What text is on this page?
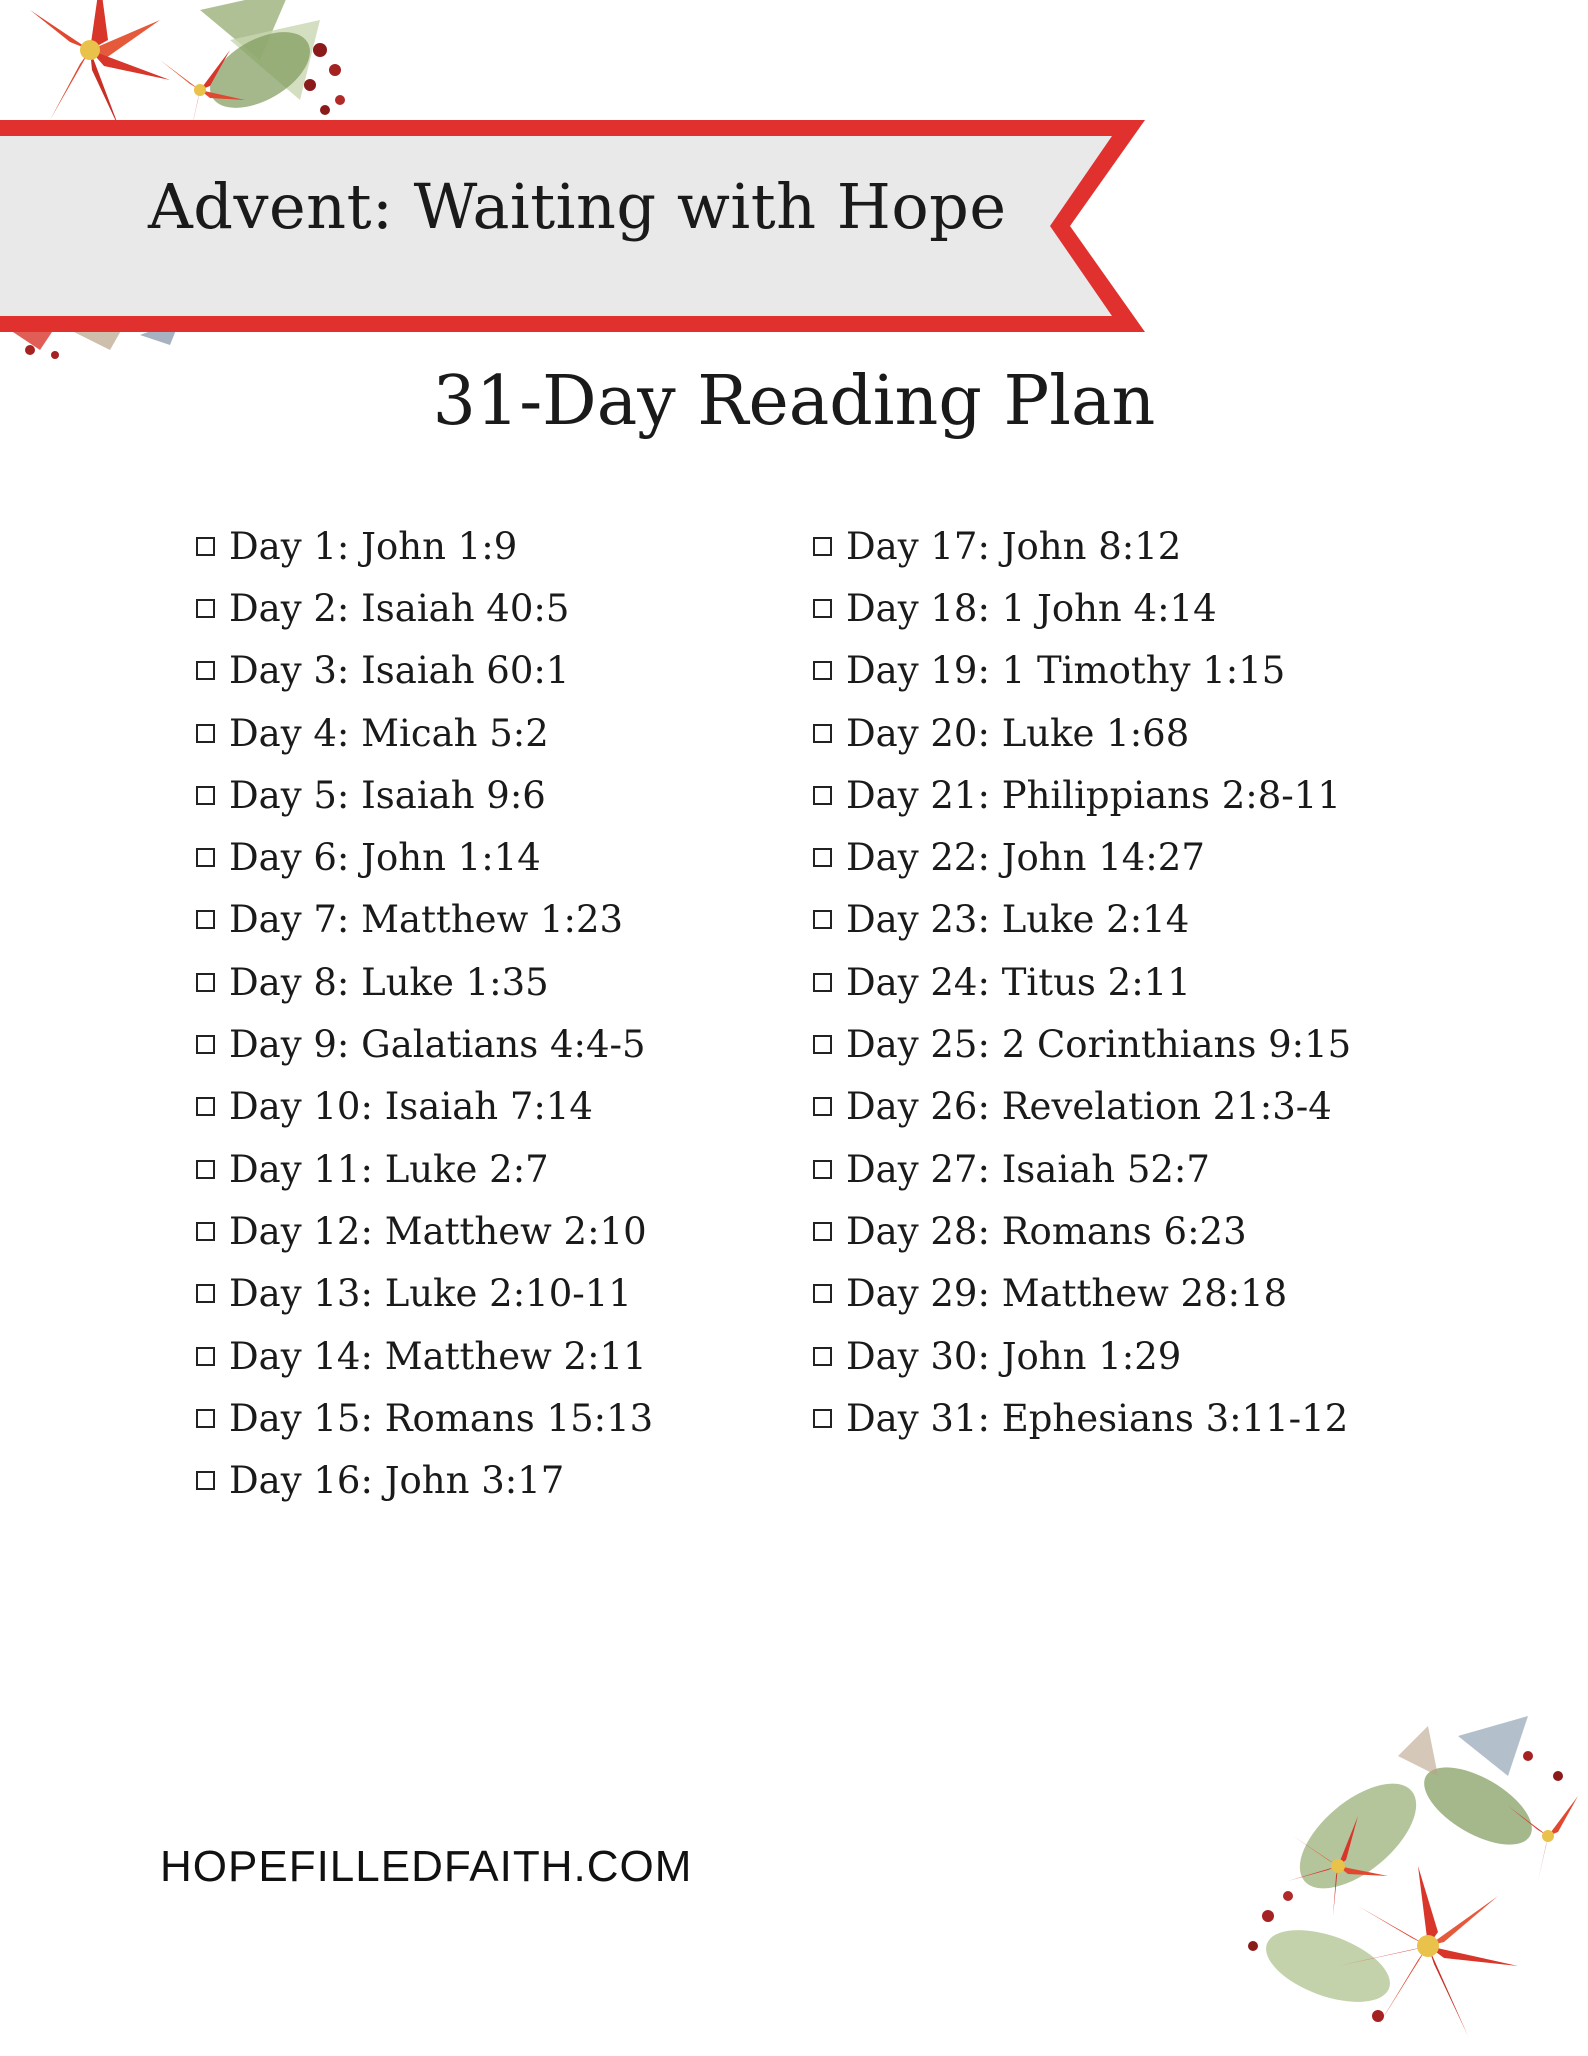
Advent: Waiting with Hope
31-Day Reading Plan
Day 1: John 1:9
Day 2: Isaiah 40:5
Day 3: Isaiah 60:1
Day 4: Micah 5:2
Day 5: Isaiah 9:6
Day 6: John 1:14
Day 7: Matthew 1:23
Day 8: Luke 1:35
Day 9: Galatians 4:4-5
Day 10: Isaiah 7:14
Day 11: Luke 2:7
Day 12: Matthew 2:10
Day 13: Luke 2:10-11
Day 14: Matthew 2:11
Day 15: Romans 15:13
Day 16: John 3:17
Day 17: John 8:12
Day 18: 1 John 4:14
Day 19: 1 Timothy 1:15
Day 20: Luke 1:68
Day 21: Philippians 2:8-11
Day 22: John 14:27
Day 23: Luke 2:14
Day 24: Titus 2:11
Day 25: 2 Corinthians 9:15
Day 26: Revelation 21:3-4
Day 27: Isaiah 52:7
Day 28: Romans 6:23
Day 29: Matthew 28:18
Day 30: John 1:29
Day 31: Ephesians 3:11-12

HOPEFILLEDFAITH.COM
